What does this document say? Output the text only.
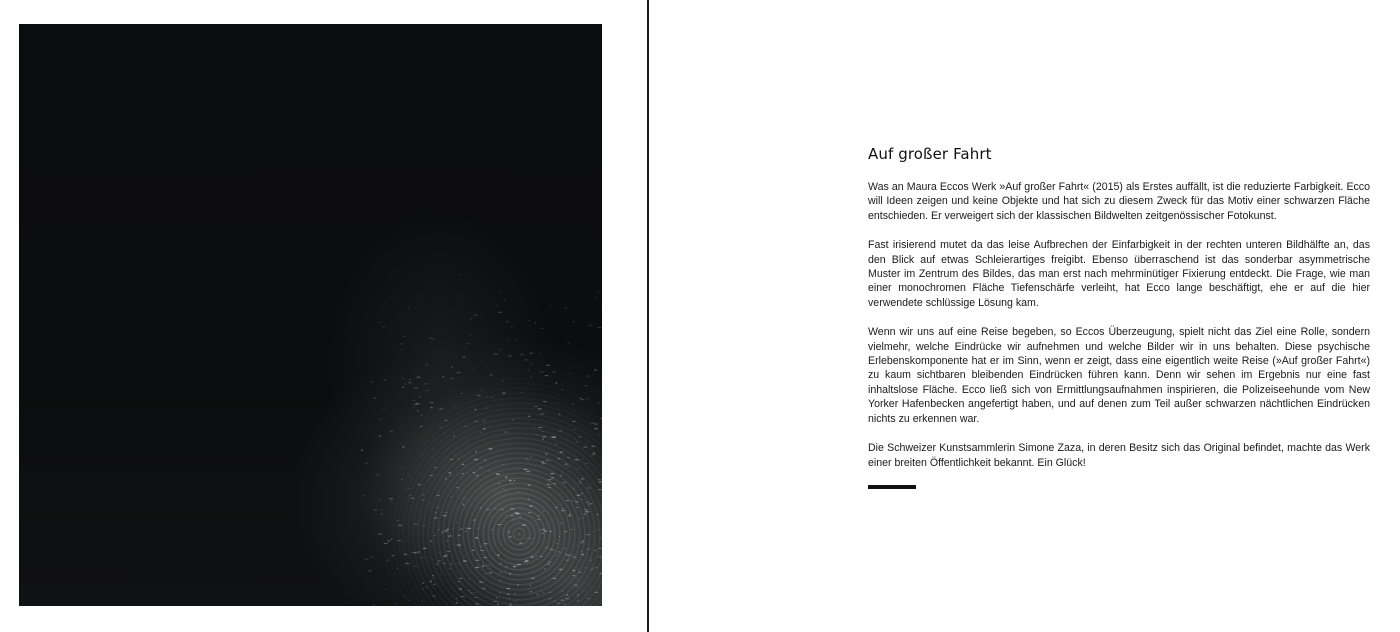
Auf großer Fahrt

Was an Maura Eccos Werk »Auf großer Fahrt« (2015) als Erstes auffällt, ist die reduzierte Farbigkeit. Ecco will Ideen zeigen und keine Objekte und hat sich zu diesem Zweck für das Motiv einer schwarzen Fläche entschieden. Er verweigert sich der klassischen Bildwelten zeitgenössischer Fotokunst.

Fast irisierend mutet da das leise Aufbrechen der Einfarbigkeit in der rechten unteren Bildhälfte an, das den Blick auf etwas Schleierartiges freigibt. Ebenso überraschend ist das sonderbar asymmetrische Muster im Zentrum des Bildes, das man erst nach mehrminütiger Fixierung entdeckt. Die Frage, wie man einer monochromen Fläche Tiefenschärfe verleiht, hat Ecco lange beschäftigt, ehe er auf die hier verwendete schlüssige Lösung kam.

Wenn wir uns auf eine Reise begeben, so Eccos Überzeugung, spielt nicht das Ziel eine Rolle, sondern vielmehr, welche Eindrücke wir aufnehmen und welche Bilder wir in uns behalten. Diese psychische Erlebenskomponente hat er im Sinn, wenn er zeigt, dass eine eigentlich weite Reise (»Auf großer Fahrt«) zu kaum sichtbaren bleibenden Eindrücken führen kann. Denn wir sehen im Ergebnis nur eine fast inhaltslose Fläche. Ecco ließ sich von Ermittlungsaufnahmen inspirieren, die Polizeiseehunde vom New Yorker Hafenbecken angefertigt haben, und auf denen zum Teil außer schwarzen nächtlichen Eindrücken nichts zu erkennen war.

Die Schweizer Kunstsammlerin Simone Zaza, in deren Besitz sich das Original befindet, machte das Werk einer breiten Öffentlichkeit bekannt. Ein Glück!
